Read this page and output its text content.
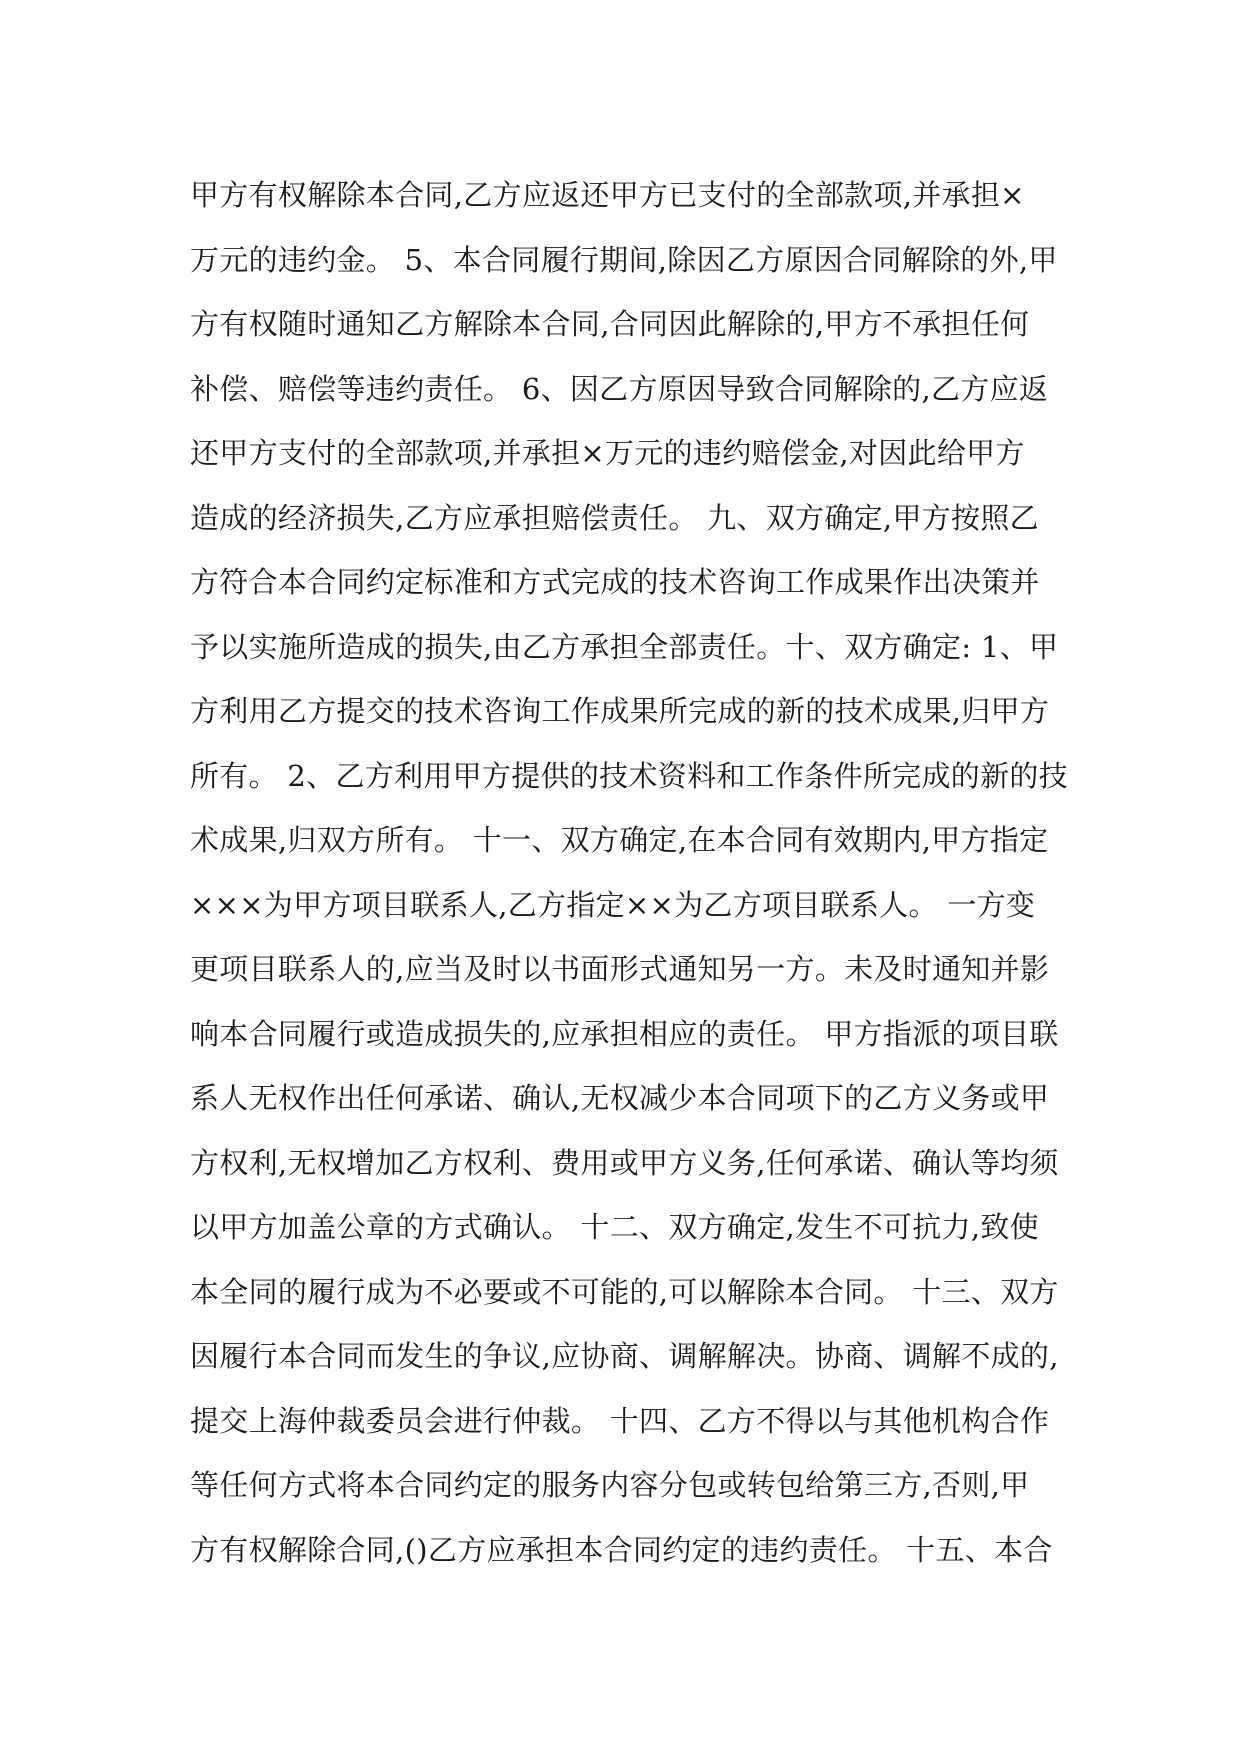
甲方有权解除本合同,乙方应返还甲方已支付的全部款项,并承担×
万元的违约金。 5、本合同履行期间,除因乙方原因合同解除的外,甲
方有权随时通知乙方解除本合同,合同因此解除的,甲方不承担任何
补偿、赔偿等违约责任。 6、因乙方原因导致合同解除的,乙方应返
还甲方支付的全部款项,并承担×万元的违约赔偿金,对因此给甲方
造成的经济损失,乙方应承担赔偿责任。 九、双方确定,甲方按照乙
方符合本合同约定标准和方式完成的技术咨询工作成果作出决策并
予以实施所造成的损失,由乙方承担全部责任。十、双方确定: 1、甲
方利用乙方提交的技术咨询工作成果所完成的新的技术成果,归甲方
所有。 2、乙方利用甲方提供的技术资料和工作条件所完成的新的技
术成果,归双方所有。 十一、双方确定,在本合同有效期内,甲方指定
×××为甲方项目联系人,乙方指定××为乙方项目联系人。 一方变
更项目联系人的,应当及时以书面形式通知另一方。未及时通知并影
响本合同履行或造成损失的,应承担相应的责任。 甲方指派的项目联
系人无权作出任何承诺、确认,无权减少本合同项下的乙方义务或甲
方权利,无权增加乙方权利、费用或甲方义务,任何承诺、确认等均须
以甲方加盖公章的方式确认。 十二、双方确定,发生不可抗力,致使
本全同的履行成为不必要或不可能的,可以解除本合同。 十三、双方
因履行本合同而发生的争议,应协商、调解解决。协商、调解不成的,
提交上海仲裁委员会进行仲裁。 十四、乙方不得以与其他机构合作
等任何方式将本合同约定的服务内容分包或转包给第三方,否则,甲
方有权解除合同,()乙方应承担本合同约定的违约责任。 十五、本合
